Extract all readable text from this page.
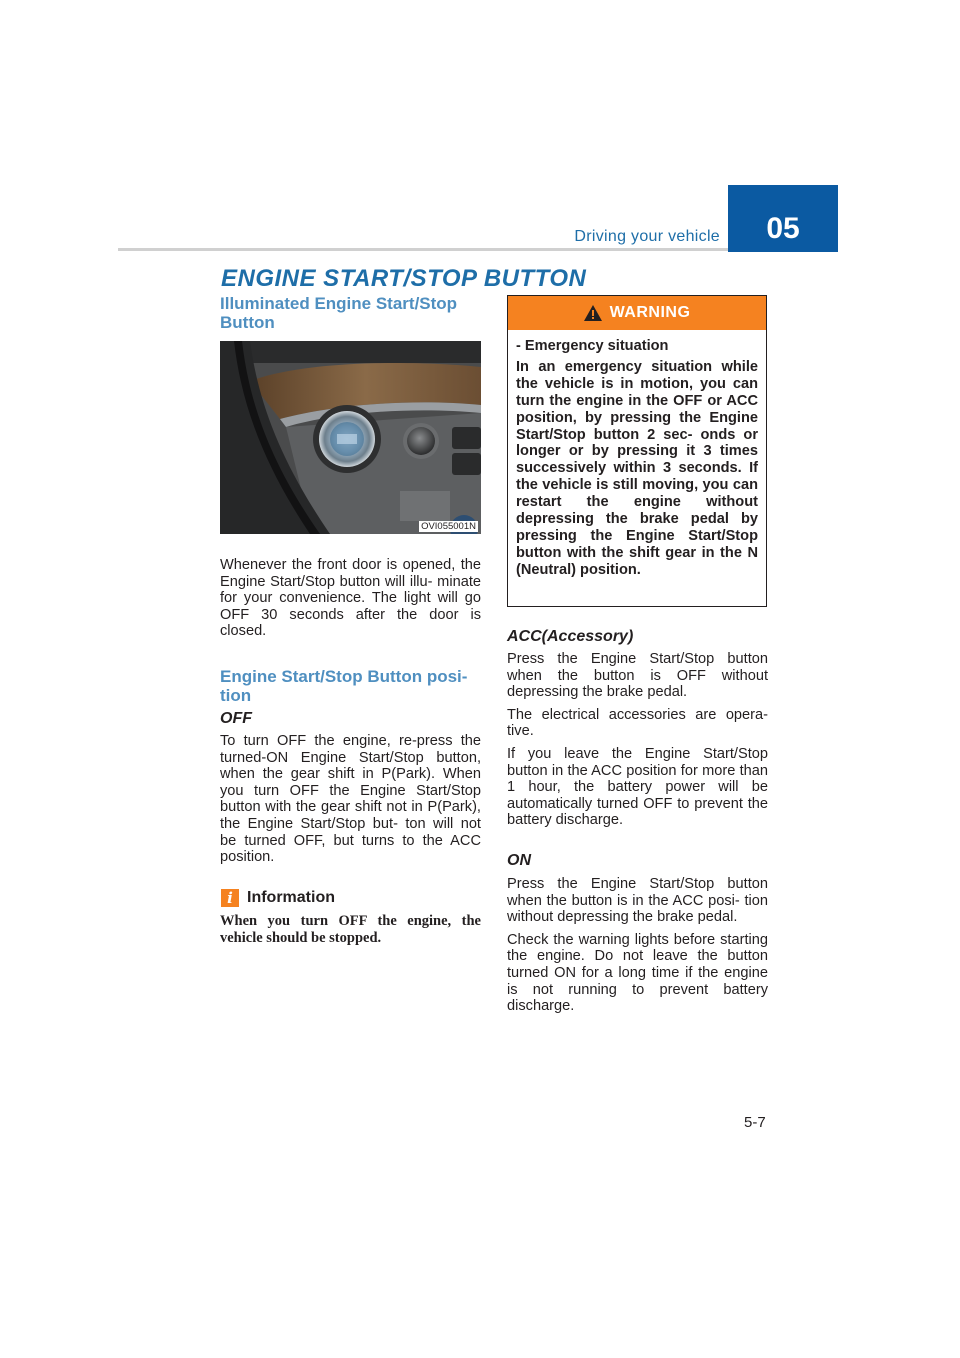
Driving your vehicle 05
ENGINE START/STOP BUTTON
Illuminated Engine Start/Stop Button
OVI055001N

Whenever the front door is opened, the Engine Start/Stop button will illu- minate for your convenience. The light will go OFF 30 seconds after the door is closed.

Engine Start/Stop Button posi- tion
OFF

To turn OFF the engine, re-press the turned-ON Engine Start/Stop button, when the gear shift in P(Park). When you turn OFF the Engine Start/Stop button with the gear shift not in P(Park), the Engine Start/Stop but- ton will not be turned OFF, but turns to the ACC position.

i Information
When you turn OFF the engine, the vehicle should be stopped.
WARNING

- Emergency situation

In an emergency situation while the vehicle is in motion, you can turn the engine in the OFF or ACC position, by pressing the Engine Start/Stop button 2 sec- onds or longer or by pressing it 3 times successively within 3 seconds. If the vehicle is still moving, you can restart the engine without depressing the brake pedal by pressing the Engine Start/Stop button with the shift gear in the N (Neutral) position.

ACC(Accessory)

Press the Engine Start/Stop button when the button is OFF without depressing the brake pedal.

The electrical accessories are opera- tive.

If you leave the Engine Start/Stop button in the ACC position for more than 1 hour, the battery power will be automatically turned OFF to prevent the battery discharge.

ON

Press the Engine Start/Stop button when the button is in the ACC posi- tion without depressing the brake pedal.

Check the warning lights before starting the engine. Do not leave the button turned ON for a long time if the engine is not running to prevent battery discharge.

5-7
